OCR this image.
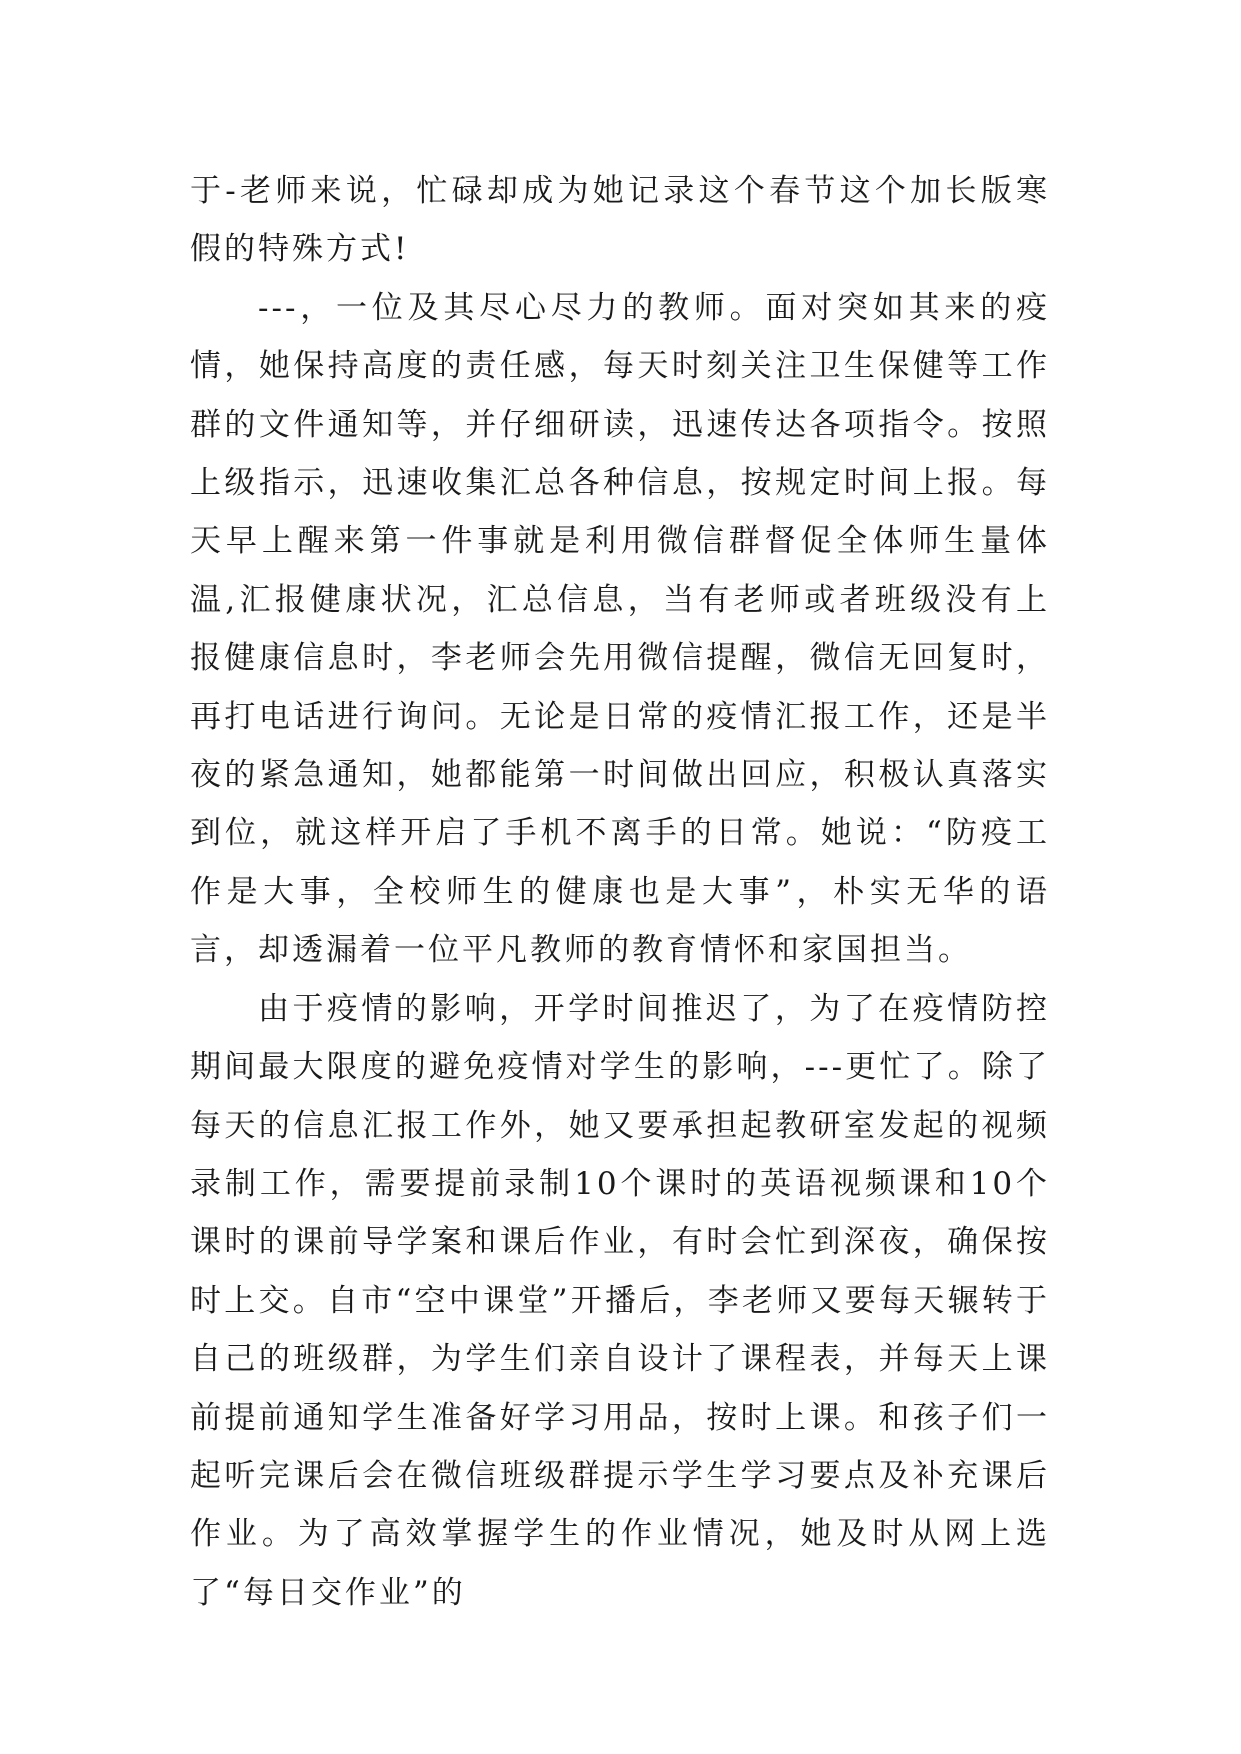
于-老师来说，忙碌却成为她记录这个春节这个加长版寒假的特殊方式!

---，一位及其尽心尽力的教师。面对突如其来的疫情，她保持高度的责任感，每天时刻关注卫生保健等工作群的文件通知等，并仔细研读，迅速传达各项指令。按照上级指示，迅速收集汇总各种信息，按规定时间上报。每天早上醒来第一件事就是利用微信群督促全体师生量体温,汇报健康状况，汇总信息，当有老师或者班级没有上报健康信息时，李老师会先用微信提醒，微信无回复时，再打电话进行询问。无论是日常的疫情汇报工作，还是半夜的紧急通知，她都能第一时间做出回应，积极认真落实到位，就这样开启了手机不离手的日常。她说：“防疫工作是大事，全校师生的健康也是大事”，朴实无华的语言，却透漏着一位平凡教师的教育情怀和家国担当。

由于疫情的影响，开学时间推迟了，为了在疫情防控期间最大限度的避免疫情对学生的影响，---更忙了。除了每天的信息汇报工作外，她又要承担起教研室发起的视频录制工作，需要提前录制10个课时的英语视频课和10个课时的课前导学案和课后作业，有时会忙到深夜，确保按时上交。自市“空中课堂”开播后，李老师又要每天辗转于自己的班级群，为学生们亲自设计了课程表，并每天上课前提前通知学生准备好学习用品，按时上课。和孩子们一起听完课后会在微信班级群提示学生学习要点及补充课后作业。为了高效掌握学生的作业情况，她及时从网上选了“每日交作业”的
